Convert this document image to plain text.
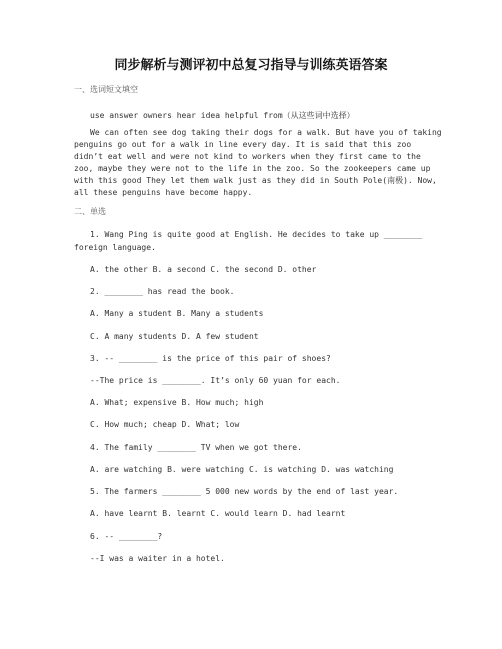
同步解析与测评初中总复习指导与训练英语答案
一、选词短文填空
use answer owners hear idea helpful from（从这些词中选择）
We can often see dog taking their dogs for a walk. But have you of taking penguins go out for a walk in line every day. It is said that this zoo didn’t eat well and were not kind to workers when they first came to the zoo, maybe they were not to the life in the zoo. So the zookeepers came up with this good They let them walk just as they did in South Pole(南极). Now, all these penguins have become happy.
二、单选
1. Wang Ping is quite good at English. He decides to take up ________
foreign language.
A. the other B. a second C. the second D. other
2. ________ has read the book.
A. Many a student B. Many a students
C. A many students D. A few student
3. -- ________ is the price of this pair of shoes?
--The price is ________. It’s only 60 yuan for each.
A. What; expensive B. How much; high
C. How much; cheap D. What; low
4. The family ________ TV when we got there.
A. are watching B. were watching C. is watching D. was watching
5. The farmers ________ 5 000 new words by the end of last year.
A. have learnt B. learnt C. would learn D. had learnt
6. -- ________?
--I was a waiter in a hotel.
